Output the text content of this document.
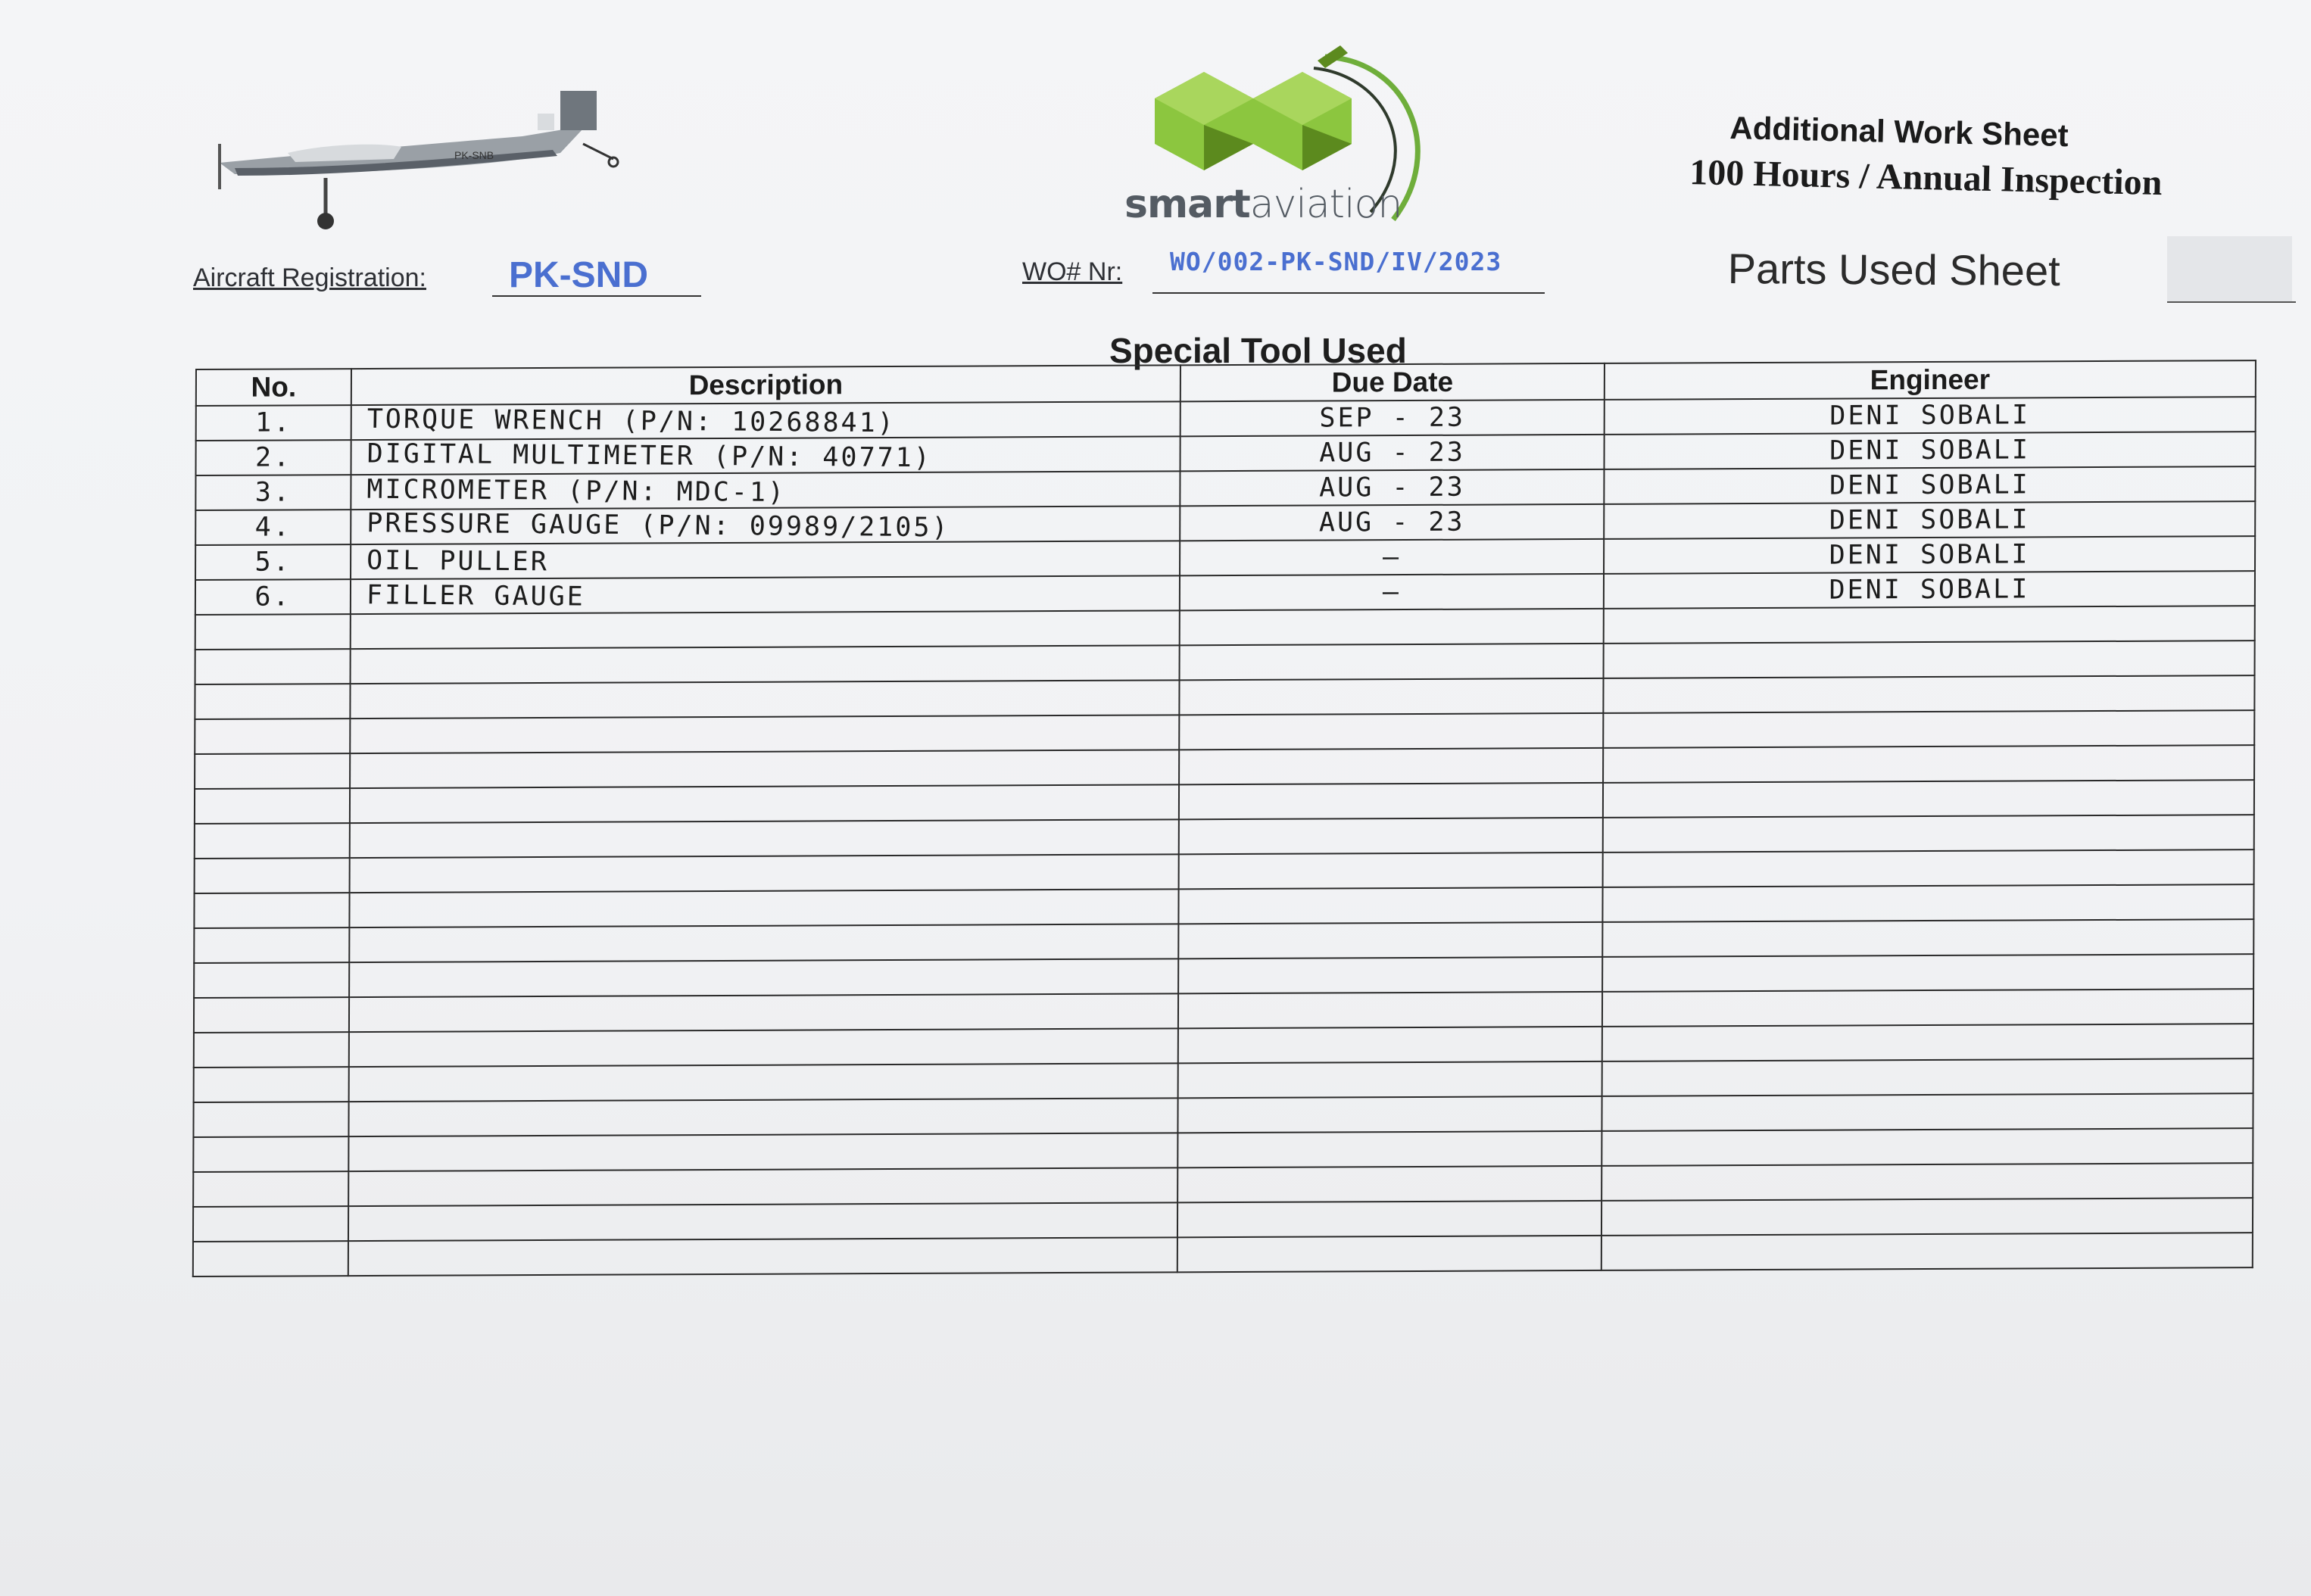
PK-SNB
smartaviation
Additional Work Sheet
100 Hours / Annual Inspection
Aircraft Registration: PK-SND	WO# Nr: WO/002-PK-SND/IV/2023	Parts Used Sheet
Special Tool Used
No.	Description	Due Date	Engineer
1.	TORQUE WRENCH (P/N: 10268841)	SEP - 23	DENI SOBALI
2.	DIGITAL MULTIMETER (P/N: 40771)	AUG - 23	DENI SOBALI
3.	MICROMETER (P/N: MDC-1)	AUG - 23	DENI SOBALI
4.	PRESSURE GAUGE (P/N: 09989/2105)	AUG - 23	DENI SOBALI
5.	OIL PULLER	–	DENI SOBALI
6.	FILLER GAUGE	–	DENI SOBALI
